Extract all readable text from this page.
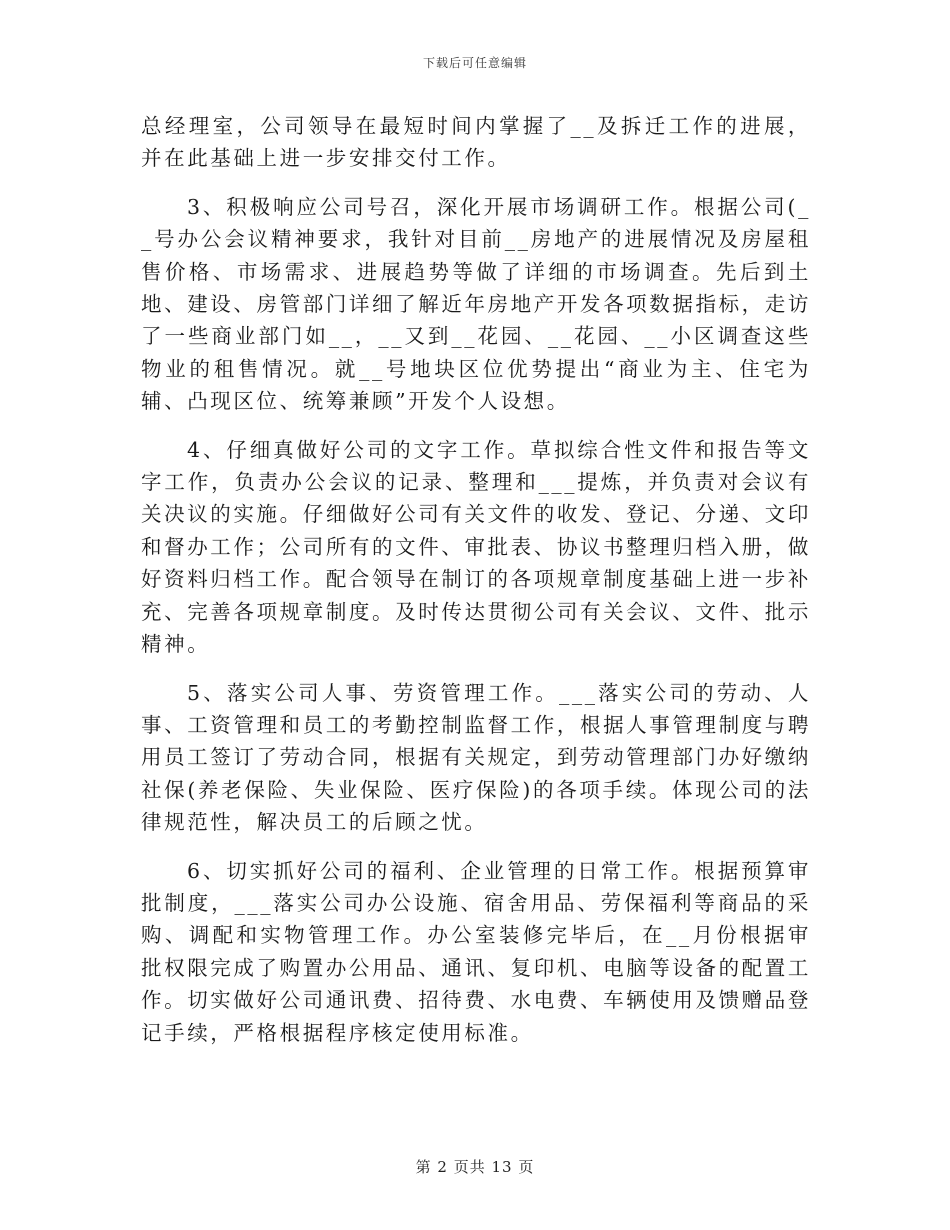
下载后可任意编辑

总经理室，公司领导在最短时间内掌握了__及拆迁工作的进展，并在此基础上进一步安排交付工作。

3、积极响应公司号召，深化开展市场调研工作。根据公司(__号办公会议精神要求，我针对目前__房地产的进展情况及房屋租售价格、市场需求、进展趋势等做了详细的市场调查。先后到土地、建设、房管部门详细了解近年房地产开发各项数据指标，走访了一些商业部门如__，__又到__花园、__花园、__小区调查这些物业的租售情况。就__号地块区位优势提出“商业为主、住宅为辅、凸现区位、统筹兼顾”开发个人设想。

4、仔细真做好公司的文字工作。草拟综合性文件和报告等文字工作，负责办公会议的记录、整理和___提炼，并负责对会议有关决议的实施。仔细做好公司有关文件的收发、登记、分递、文印和督办工作；公司所有的文件、审批表、协议书整理归档入册，做好资料归档工作。配合领导在制订的各项规章制度基础上进一步补充、完善各项规章制度。及时传达贯彻公司有关会议、文件、批示精神。

5、落实公司人事、劳资管理工作。___落实公司的劳动、人事、工资管理和员工的考勤控制监督工作，根据人事管理制度与聘用员工签订了劳动合同，根据有关规定，到劳动管理部门办好缴纳社保(养老保险、失业保险、医疗保险)的各项手续。体现公司的法律规范性，解决员工的后顾之忧。

6、切实抓好公司的福利、企业管理的日常工作。根据预算审批制度，___落实公司办公设施、宿舍用品、劳保福利等商品的采购、调配和实物管理工作。办公室装修完毕后，在__月份根据审批权限完成了购置办公用品、通讯、复印机、电脑等设备的配置工作。切实做好公司通讯费、招待费、水电费、车辆使用及馈赠品登记手续，严格根据程序核定使用标准。

第 2 页共 13 页
